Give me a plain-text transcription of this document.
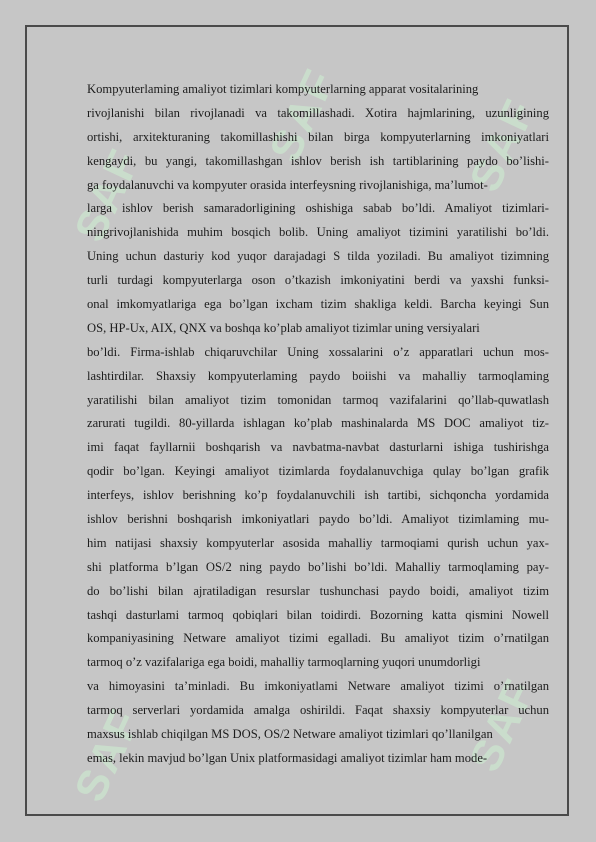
SAF	SAF
SAF	SAF
SAF
Kompyuterlaming amaliyot tizimlari kompyuterlarning apparat vositalarining
rivojlanishi bilan rivojlanadi va takomillashadi. Xotira hajmlarining, uzunligining
ortishi, arxitekturaning takomillashishi bilan birga kompyuterlarning imkoniyatlari
kengaydi, bu yangi, takomillashgan ishlov berish ish tartiblarining paydo bo’lishi-
ga foydalanuvchi va kompyuter orasida interfeysning rivojlanishiga, ma’lumot-
larga ishlov berish samaradorligining oshishiga sabab bo’ldi. Amaliyot tizimlari-
ningrivojlanishida muhim bosqich bolib. Uning amaliyot tizimini yaratilishi bo’ldi.
Uning uchun dasturiy kod yuqor darajadagi S tilda yoziladi. Bu amaliyot tizimning
turli turdagi kompyuterlarga oson o’tkazish imkoniyatini berdi va yaxshi funksi-
onal imkomyatlariga ega bo’lgan ixcham tizim shakliga keldi. Barcha keyingi Sun
OS, HP-Ux, AIX, QNX va boshqa ko’plab amaliyot tizimlar uning versiyalari
bo’ldi. Firma-ishlab chiqaruvchilar Uning xossalarini o’z apparatlari uchun mos-
lashtirdilar. Shaxsiy kompyuterlaming paydo boiishi va mahalliy tarmoqlaming
yaratilishi bilan amaliyot tizim tomonidan tarmoq vazifalarini qo’llab-quwatlash
zarurati tugildi. 80-yillarda ishlagan ko’plab mashinalarda MS DOC amaliyot tiz-
imi faqat fayllarnii boshqarish va navbatma-navbat dasturlarni ishiga tushirishga
qodir bo’lgan. Keyingi amaliyot tizimlarda foydalanuvchiga qulay bo’lgan grafik
interfeys, ishlov berishning ko’p foydalanuvchili ish tartibi, sichqoncha yordamida
ishlov berishni boshqarish imkoniyatlari paydo bo’ldi. Amaliyot tizimlaming mu-
him natijasi shaxsiy kompyuterlar asosida mahalliy tarmoqiami qurish uchun yax-
shi platforma b’lgan OS/2 ning paydo bo’lishi bo’ldi. Mahalliy tarmoqlaming pay-
do bo’lishi bilan ajratiladigan resurslar tushunchasi paydo boidi, amaliyot tizim
tashqi dasturlami tarmoq qobiqlari bilan toidirdi. Bozorning katta qismini Nowell
kompaniyasining Netware amaliyot tizimi egalladi. Bu amaliyot tizim o’rnatilgan
tarmoq o’z vazifalariga ega boidi, mahalliy tarmoqlarning yuqori unumdorligi
va himoyasini ta’minladi. Bu imkoniyatlami Netware amaliyot tizimi o’rnatilgan
tarmoq serverlari yordamida amalga oshirildi. Faqat shaxsiy kompyuterlar uchun
maxsus ishlab chiqilgan MS DOS, OS/2 Netware amaliyot tizimlari qo’llanilgan
emas, lekin mavjud bo’lgan Unix platformasidagi amaliyot tizimlar ham mode-
